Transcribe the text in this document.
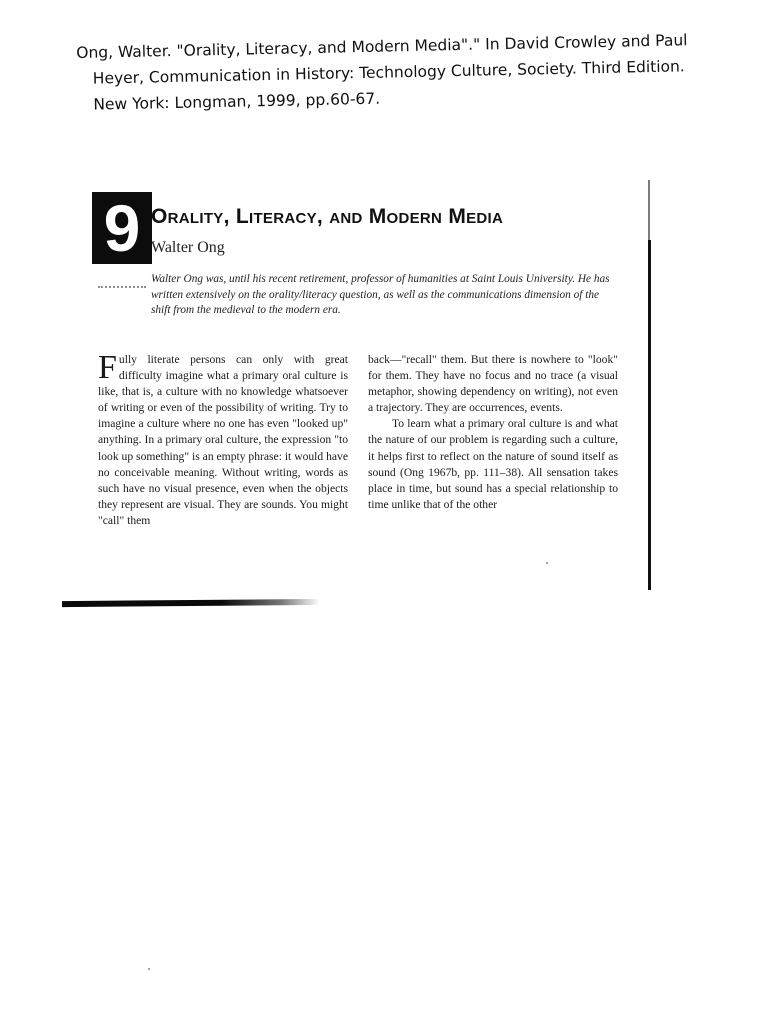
Ong, Walter. "Orality, Literacy, and Modern Media"." In David Crowley and Paul
Heyer, Communication in History: Technology Culture, Society. Third Edition.
New York: Longman, 1999, pp.60-67.
9 Orality, Literacy, and Modern Media
Walter Ong
Walter Ong was, until his recent retirement, professor of humanities at Saint Louis University. He has written extensively on the orality/literacy question, as well as the communications dimension of the shift from the medieval to the modern era.

Fully literate persons can only with great difficulty imagine what a primary oral culture is like, that is, a culture with no knowledge whatsoever of writing or even of the possibility of writing. Try to imagine a culture where no one has even "looked up" anything. In a primary oral culture, the expression "to look up something" is an empty phrase: it would have no conceivable meaning. Without writing, words as such have no visual presence, even when the objects they represent are visual. They are sounds. You might "call" them

back—"recall" them. But there is nowhere to "look" for them. They have no focus and no trace (a visual metaphor, showing dependency on writing), not even a trajectory. They are occurrences, events.

To learn what a primary oral culture is and what the nature of our problem is regarding such a culture, it helps first to reflect on the nature of sound itself as sound (Ong 1967b, pp. 111–38). All sensation takes place in time, but sound has a special relationship to time unlike that of the other
